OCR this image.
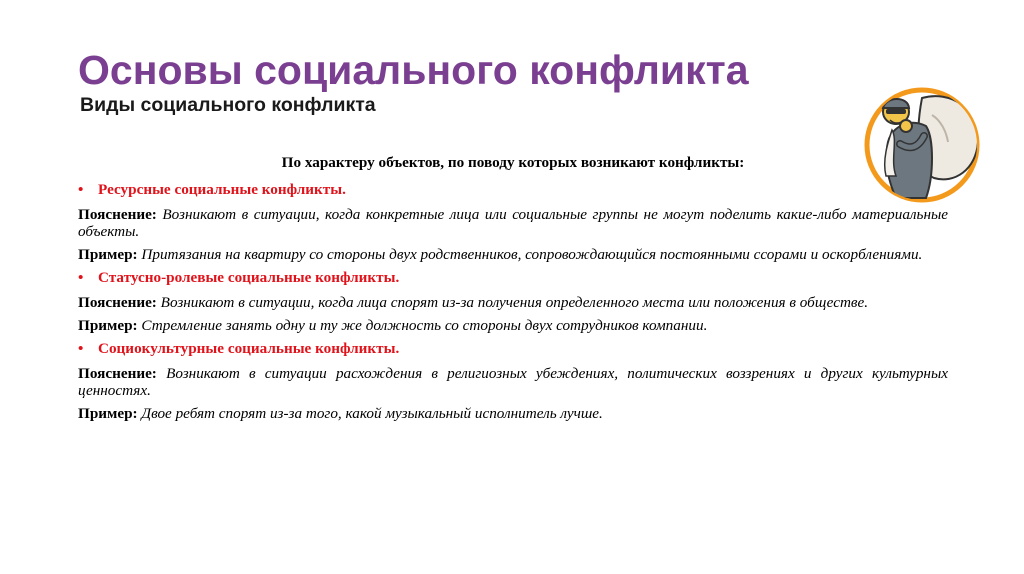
Основы социального конфликта
Виды социального конфликта

По характеру объектов, по поводу которых возникают конфликты:

• Ресурсные социальные конфликты.

Пояснение: Возникают в ситуации, когда конкретные лица или социальные группы не могут поделить какие-либо материальные объекты.

Пример: Притязания на квартиру со стороны двух родственников, сопровождающийся постоянными ссорами и оскорблениями.

• Статусно-ролевые социальные конфликты.

Пояснение: Возникают в ситуации, когда лица спорят из-за получения определенного места или положения в обществе.

Пример: Стремление занять одну и ту же должность со стороны двух сотрудников компании.

• Социокультурные социальные конфликты.

Пояснение: Возникают в ситуации расхождения в религиозных убеждениях, политических воззрениях и других культурных ценностях.

Пример: Двое ребят спорят из-за того, какой музыкальный исполнитель лучше.
